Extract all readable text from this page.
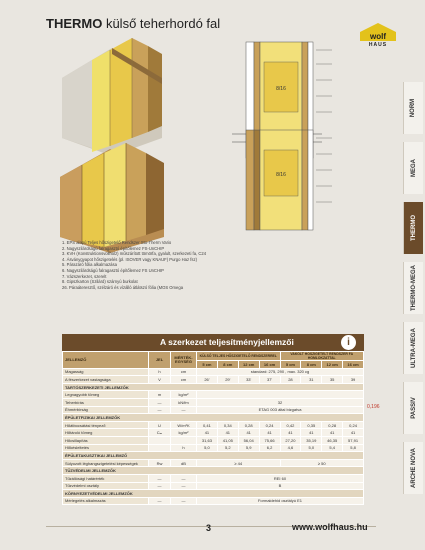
THERMO külső teherhordó fal
wolf
HAUS
NORM
MEGA
THERMO
THERMO-MEGA
ULTRA-MEGA
PASSIV
ARCHE NOVA
8/16
8/16
1. EPS alapú Teljes hőszigetelő Rendszer Sto-Therm Vario
2. Nagyszilárdságú falragasztó építőlemez FS-UnCHIP
3. KVH (Konstruktionsvollholz) műszárított tömörfa, gyalult, szerkezeti fa, C24
4. Ásványgyapot hőszigetelés (pl. ISOVER vagy KNAUF) Purgo Haz fsz)
5. Párazáró fólia alkalmazása
6. Nagyszilárdságú falragasztó építőlemez FS UnCHIP
7. Vázszerkezet, szerelt
8. Gipszkarton (Szilárd) szárnyú burkolat
26. Páraáteresztő, szélzáró és vízálló átlátszó fólia (MOS Omega
A szerkezet teljesítményjellemzői	i
JELLEMZŐ	JEL	MÉRTÉK-EGYSÉG	KÜLSŐ TELJES HŐSZIGETELŐ RENDSZERREL				VAKOLT HŐSZIGETELT RENDSZER FA HOMLOKZATTAL			
			5 cm	8 cm	12 cm	16 cm	5 cm	8 cm	12 cm	16 cm
Magasság	h	cm	standard: 275, 290 , max. 320 cg							
A fészerkezet vastagsága	V	cm	26'	29'	33'	37'	28	31	35	39
TARTÓSZERKEZETI JELLEMZŐK										
Legnagyobb tömeg	m	kg/m²								
Teherbírás	—	kN/fm	32							
Éhmérbírság	—	—	ETAG 003 által bizgatva							
ÉPÜLETFIZIKAI JELLEMZŐK										
Hőátbocsátási tényező	U	W/m²K	0,41	0,34	0,28	0,24	0,42	0,35	0,28	0,24
Hőtároló tömeg	Cₘ	kg/m²	41	41	41	41	41	41	41	41
Hőcsillapítás			31,63	41,05	56,04	75,66	27,20	35,19	46,35	57,91
Hőkésleltetés		h	5,0	5,2	5,9	6,2	4,6	5,0	5,4	5,8
ÉPÜLETAKUSZTIKAI JELLEMZŐ										
Súlyozott léghangszigetelési képességek	Rw	dB	≥ 44				≥ 50			
TŰZVÉDELMI JELLEMZŐK										
Tűzállósági határérték	—	—	REI 60							
Tűzvédelmi osztály	—	—	B							
KÖRNYEZETVÉDELMI JELLEMZŐK										
Mérlegelés alkalmazás	—	—	Formaldehid osztályú E1							
0,196
3	www.wolfhaus.hu
